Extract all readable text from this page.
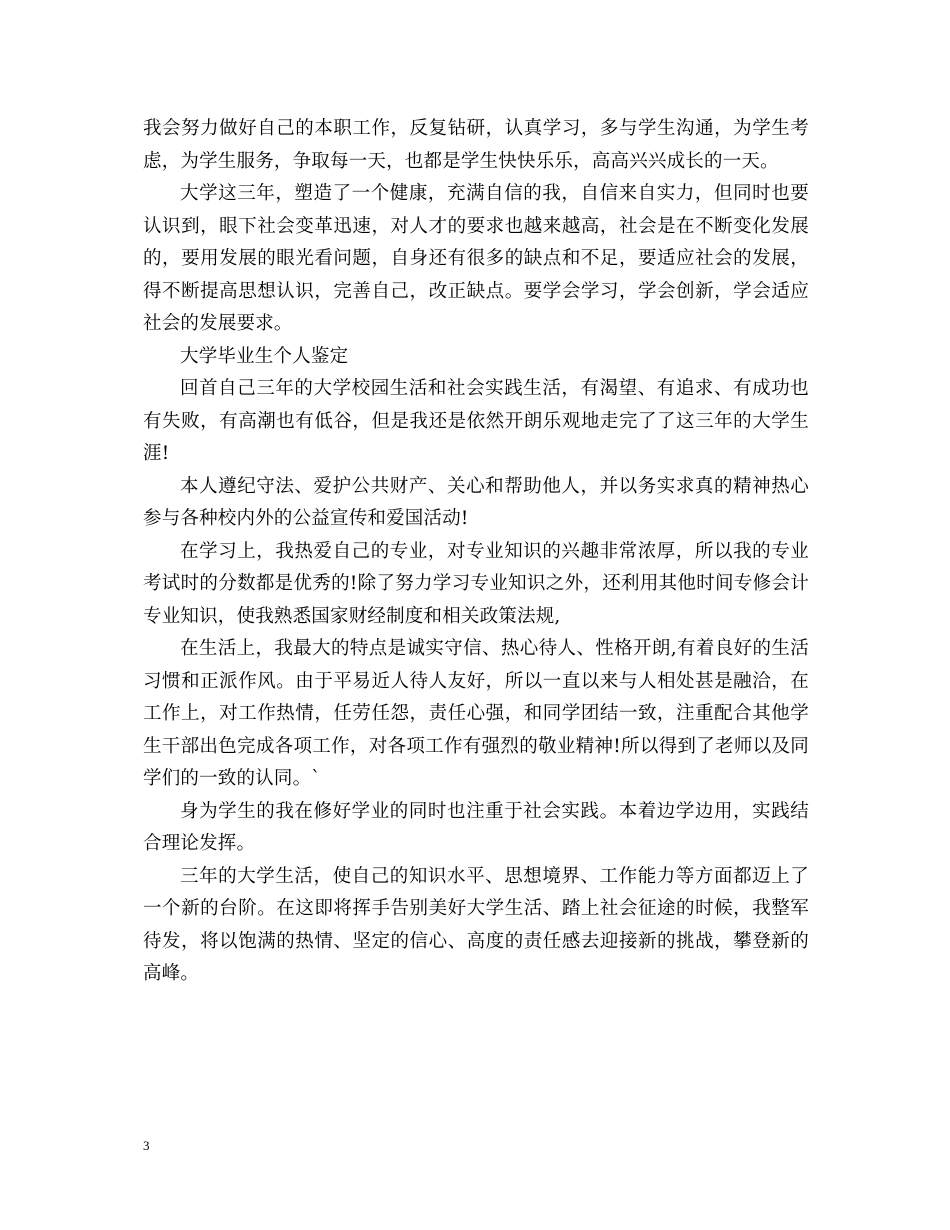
我会努力做好自己的本职工作，反复钻研，认真学习，多与学生沟通，为学生考虑，为学生服务，争取每一天，也都是学生快快乐乐，高高兴兴成长的一天。

大学这三年，塑造了一个健康，充满自信的我，自信来自实力，但同时也要认识到，眼下社会变革迅速，对人才的要求也越来越高，社会是在不断变化发展的，要用发展的眼光看问题，自身还有很多的缺点和不足，要适应社会的发展，得不断提高思想认识，完善自己，改正缺点。要学会学习，学会创新，学会适应社会的发展要求。

大学毕业生个人鉴定

回首自己三年的大学校园生活和社会实践生活，有渴望、有追求、有成功也有失败，有高潮也有低谷，但是我还是依然开朗乐观地走完了了这三年的大学生涯!

本人遵纪守法、爱护公共财产、关心和帮助他人，并以务实求真的精神热心参与各种校内外的公益宣传和爱国活动!

在学习上，我热爱自己的专业，对专业知识的兴趣非常浓厚，所以我的专业考试时的分数都是优秀的!除了努力学习专业知识之外，还利用其他时间专修会计专业知识，使我熟悉国家财经制度和相关政策法规,

在生活上，我最大的特点是诚实守信、热心待人、性格开朗,有着良好的生活习惯和正派作风。由于平易近人待人友好，所以一直以来与人相处甚是融洽，在工作上，对工作热情，任劳任怨，责任心强，和同学团结一致，注重配合其他学生干部出色完成各项工作，对各项工作有强烈的敬业精神!所以得到了老师以及同学们的一致的认同。`

身为学生的我在修好学业的同时也注重于社会实践。本着边学边用，实践结合理论发挥。

三年的大学生活，使自己的知识水平、思想境界、工作能力等方面都迈上了一个新的台阶。在这即将挥手告别美好大学生活、踏上社会征途的时候，我整军待发，将以饱满的热情、坚定的信心、高度的责任感去迎接新的挑战，攀登新的高峰。

3
